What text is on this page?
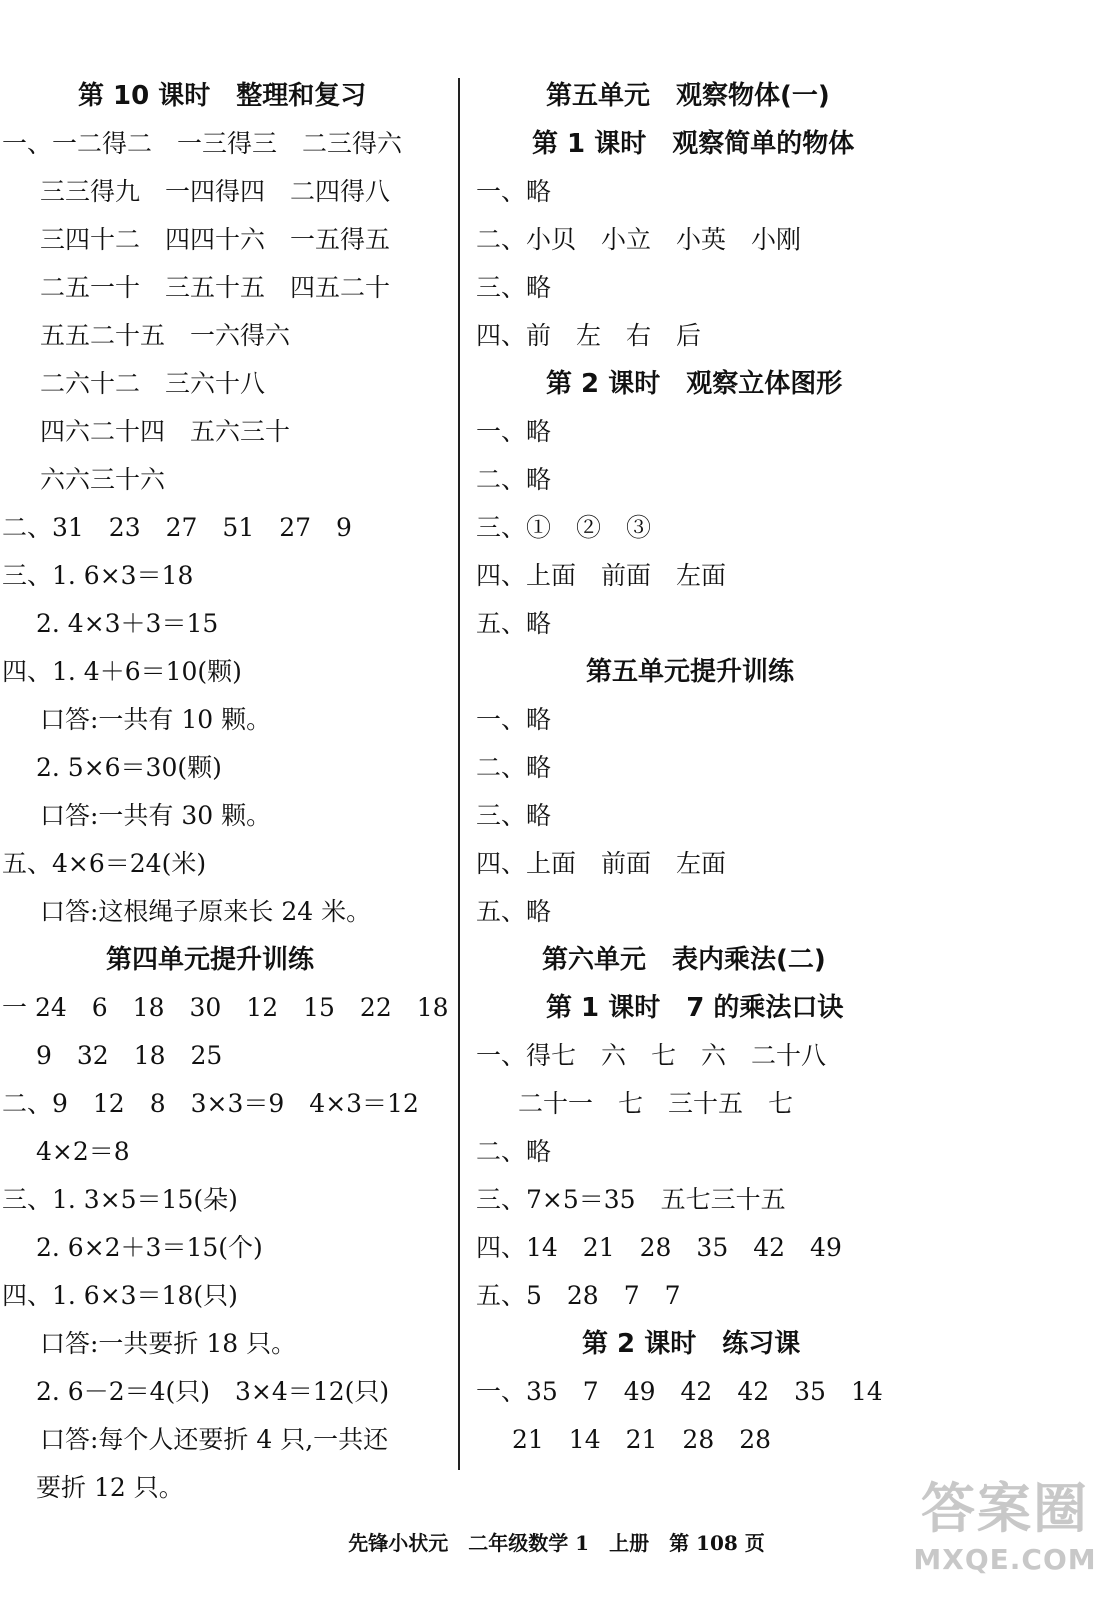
第 10 课时　整理和复习
一、一二得二　一三得三　二三得六
三三得九　一四得四　二四得八
三四十二　四四十六　一五得五
二五一十　三五十五　四五二十
五五二十五　一六得六
二六十二　三六十八
四六二十四　五六三十
六六三十六
二、31　23　27　51　27　9
三、1. 6×3＝18
2. 4×3＋3＝15
四、1. 4＋6＝10(颗)
口答:一共有 10 颗。
2. 5×6＝30(颗)
口答:一共有 30 颗。
五、4×6＝24(米)
口答:这根绳子原来长 24 米。
第四单元提升训练
一 24　6　18　30　12　15　22　18
9　32　18　25
二、9　12　8　3×3＝9　4×3＝12
4×2＝8
三、1. 3×5＝15(朵)
2. 6×2＋3＝15(个)
四、1. 6×3＝18(只)
口答:一共要折 18 只。
2. 6－2＝4(只)　3×4＝12(只)
口答:每个人还要折 4 只,一共还
要折 12 只。
第五单元　观察物体(一)
第 1 课时　观察简单的物体
一、略
二、小贝　小立　小英　小刚
三、略
四、前　左　右　后
第 2 课时　观察立体图形
一、略
二、略
三、①　②　③
四、上面　前面　左面
五、略
第五单元提升训练
一、略
二、略
三、略
四、上面　前面　左面
五、略
第六单元　表内乘法(二)
第 1 课时　7 的乘法口诀
一、得七　六　七　六　二十八
二十一　七　三十五　七
二、略
三、7×5＝35　五七三十五
四、14　21　28　35　42　49
五、5　28　7　7
第 2 课时　练习课
一、35　7　49　42　42　35　14
21　14　21　28　28
先锋小状元　二年级数学 1　上册　第 108 页
答案圈
MXQE.COM
